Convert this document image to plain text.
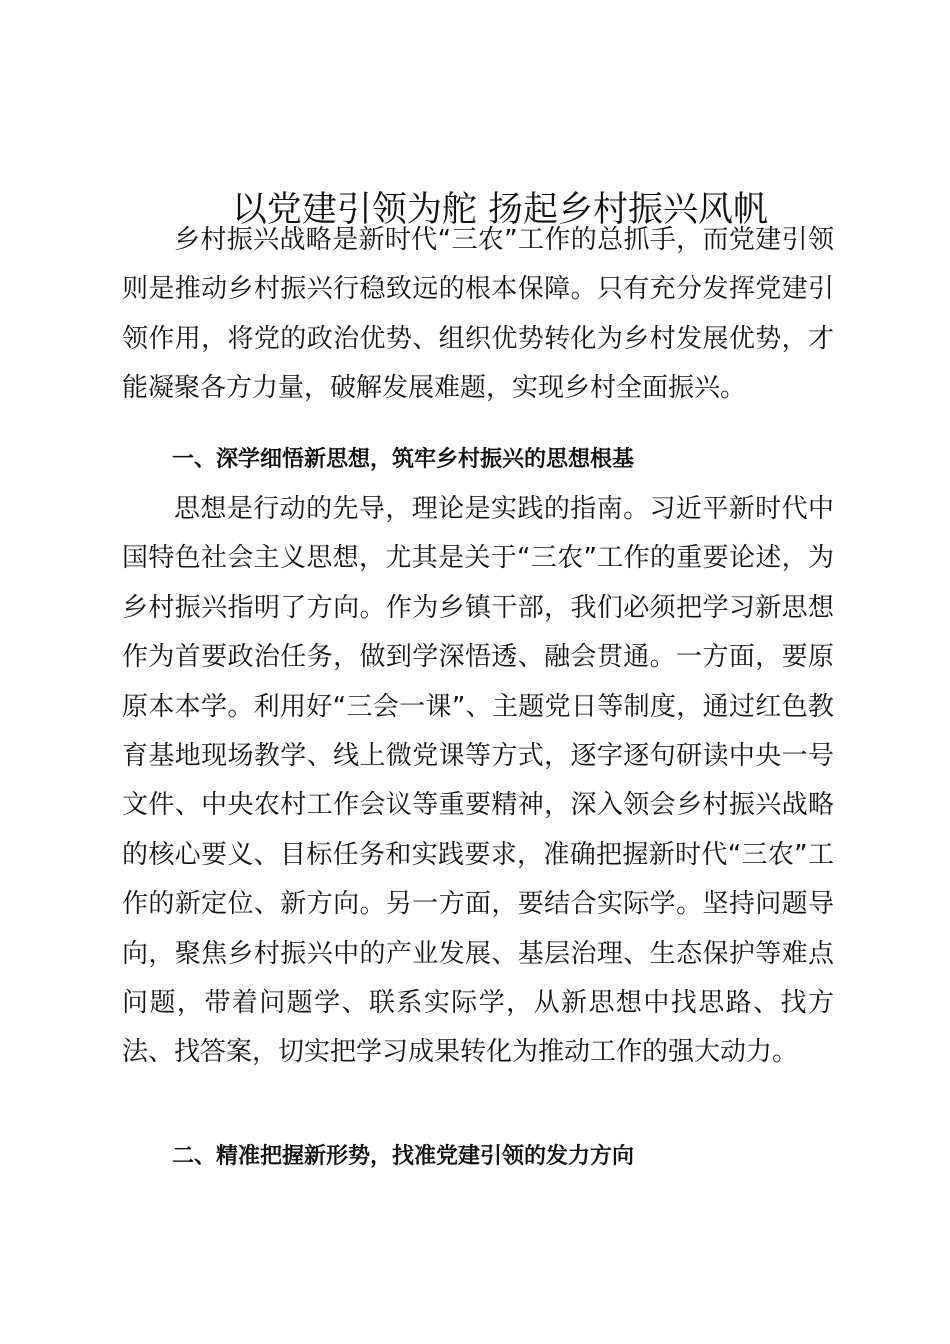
以党建引领为舵 扬起乡村振兴风帆

乡村振兴战略是新时代“三农”工作的总抓手，而党建引领则是推动乡村振兴行稳致远的根本保障。只有充分发挥党建引领作用，将党的政治优势、组织优势转化为乡村发展优势，才能凝聚各方力量，破解发展难题，实现乡村全面振兴。

一、深学细悟新思想，筑牢乡村振兴的思想根基

思想是行动的先导，理论是实践的指南。习近平新时代中国特色社会主义思想，尤其是关于“三农”工作的重要论述，为乡村振兴指明了方向。作为乡镇干部，我们必须把学习新思想作为首要政治任务，做到学深悟透、融会贯通。一方面，要原原本本学。利用好“三会一课”、主题党日等制度，通过红色教育基地现场教学、线上微党课等方式，逐字逐句研读中央一号文件、中央农村工作会议等重要精神，深入领会乡村振兴战略的核心要义、目标任务和实践要求，准确把握新时代“三农”工作的新定位、新方向。另一方面，要结合实际学。坚持问题导向，聚焦乡村振兴中的产业发展、基层治理、生态保护等难点问题，带着问题学、联系实际学，从新思想中找思路、找方法、找答案，切实把学习成果转化为推动工作的强大动力。

二、精准把握新形势，找准党建引领的发力方向
